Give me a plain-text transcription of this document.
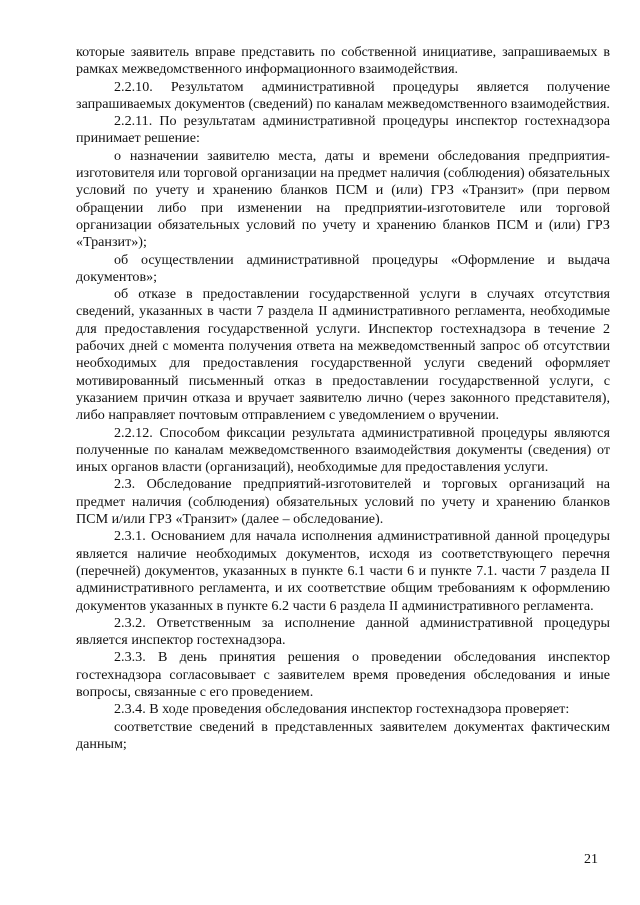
которые заявитель вправе представить по собственной инициативе, запрашиваемых в рамках межведомственного информационного взаимодействия.

2.2.10. Результатом административной процедуры является получение запрашиваемых документов (сведений) по каналам межведомственного взаимодействия.

2.2.11. По результатам административной процедуры инспектор гостехнадзора принимает решение:

о назначении заявителю места, даты и времени обследования предприятия-изготовителя или торговой организации на предмет наличия (соблюдения) обязательных условий по учету и хранению бланков ПСМ и (или) ГРЗ «Транзит» (при первом обращении либо при изменении на предприятии-изготовителе или торговой организации обязательных условий по учету и хранению бланков ПСМ и (или) ГРЗ «Транзит»);

об осуществлении административной процедуры «Оформление и выдача документов»;

об отказе в предоставлении государственной услуги в случаях отсутствия сведений, указанных в части 7 раздела II административного регламента, необходимые для предоставления государственной услуги. Инспектор гостехнадзора в течение 2 рабочих дней с момента получения ответа на межведомственный запрос об отсутствии необходимых для предоставления государственной услуги сведений оформляет мотивированный письменный отказ в предоставлении государственной услуги, с указанием причин отказа и вручает заявителю лично (через законного представителя), либо направляет почтовым отправлением с уведомлением о вручении.

2.2.12. Способом фиксации результата административной процедуры являются полученные по каналам межведомственного взаимодействия документы (сведения) от иных органов власти (организаций), необходимые для предоставления услуги.

2.3. Обследование предприятий-изготовителей и торговых организаций на предмет наличия (соблюдения) обязательных условий по учету и хранению бланков ПСМ и/или ГРЗ «Транзит» (далее – обследование).

2.3.1. Основанием для начала исполнения административной данной процедуры является наличие необходимых документов, исходя из соответствующего перечня (перечней) документов, указанных в пункте 6.1 части 6 и пункте 7.1. части 7 раздела II административного регламента, и их соответствие общим требованиям к оформлению документов указанных в пункте 6.2 части 6 раздела II административного регламента.

2.3.2. Ответственным за исполнение данной административной процедуры является инспектор гостехнадзора.

2.3.3. В день принятия решения о проведении обследования инспектор гостехнадзора согласовывает с заявителем время проведения обследования и иные вопросы, связанные с его проведением.

2.3.4. В ходе проведения обследования инспектор гостехнадзора проверяет:

соответствие сведений в представленных заявителем документах фактическим данным;

21
